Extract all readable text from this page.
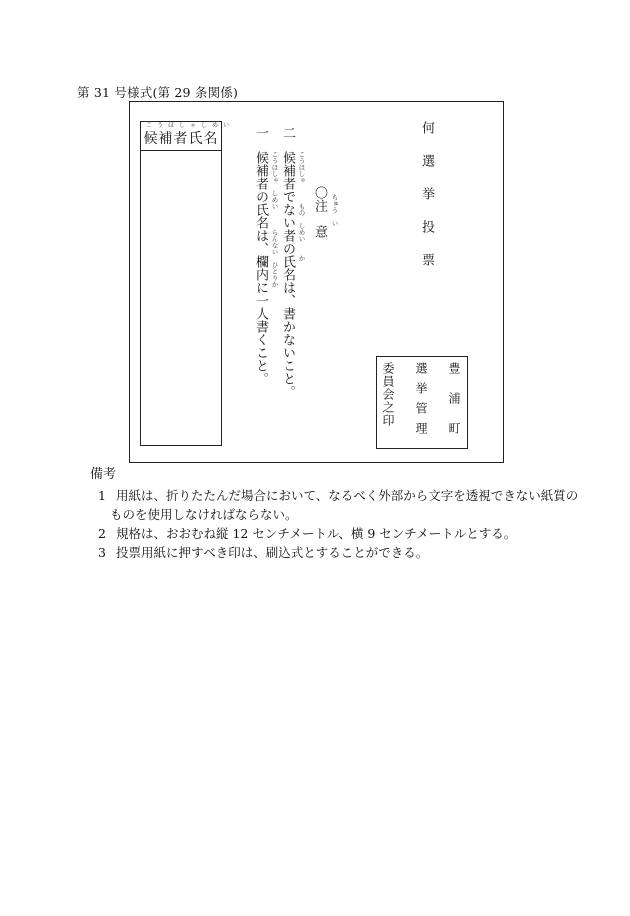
第 31 号様式(第 29 条関係)
こうほしゃしめい
候補者氏名	一
候補者の氏名は、欄内に一人書くこと。 こうほしゃ　しめい　　　らんない　ひとりか
二
候補者でない者の氏名は、書かないこと。 こうほしゃ　　　もの　しめい　　か 〇注　意 ちゅう　い	何選挙投票
豊浦町
選挙管理
委員会之印
備考
1 用紙は、折りたたんだ場合において、なるべく外部から文字を透視できない紙質の
ものを使用しなければならない。
2 規格は、おおむね縦 12 センチメートル、横 9 センチメートルとする。
3 投票用紙に押すべき印は、刷込式とすることができる。
